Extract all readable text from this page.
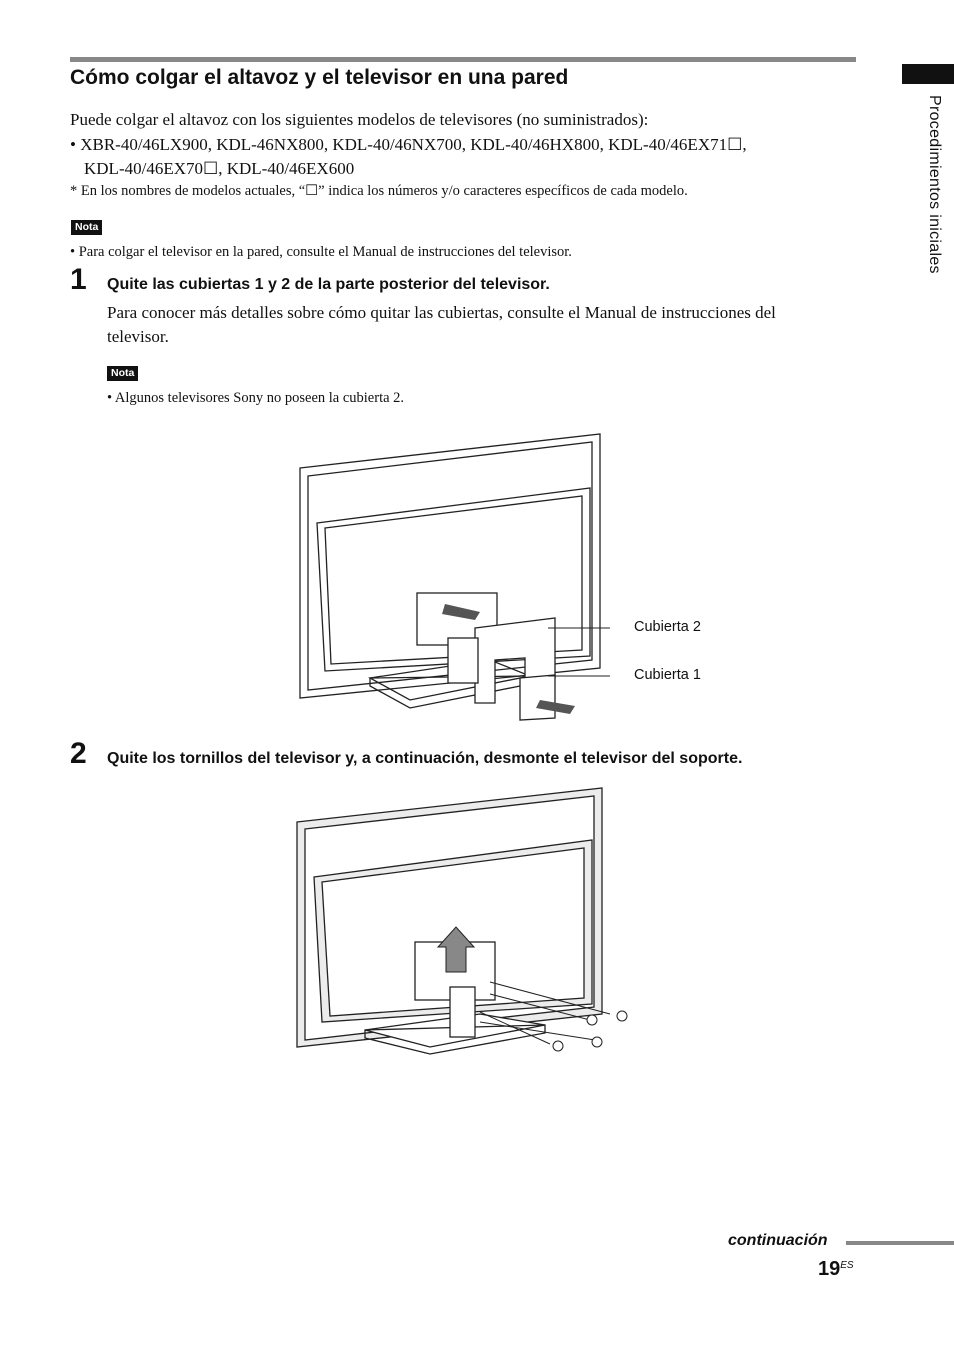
Cómo colgar el altavoz y el televisor en una pared
Puede colgar el altavoz con los siguientes modelos de televisores (no suministrados):
• XBR-40/46LX900, KDL-46NX800, KDL-40/46NX700, KDL-40/46HX800, KDL-40/46EX71☐,
KDL-40/46EX70☐, KDL-40/46EX600
* En los nombres de modelos actuales, “☐” indica los números y/o caracteres específicos de cada modelo.
Nota
• Para colgar el televisor en la pared, consulte el Manual de instrucciones del televisor.
1 Quite las cubiertas 1 y 2 de la parte posterior del televisor.
Para conocer más detalles sobre cómo quitar las cubiertas, consulte el Manual de instrucciones del
televisor.
Nota
• Algunos televisores Sony no poseen la cubierta 2.
Cubierta 2
Cubierta 1
2 Quite los tornillos del televisor y, a continuación, desmonte el televisor del soporte.
Procedimientos iniciales
continuación
$19^{ES}$
